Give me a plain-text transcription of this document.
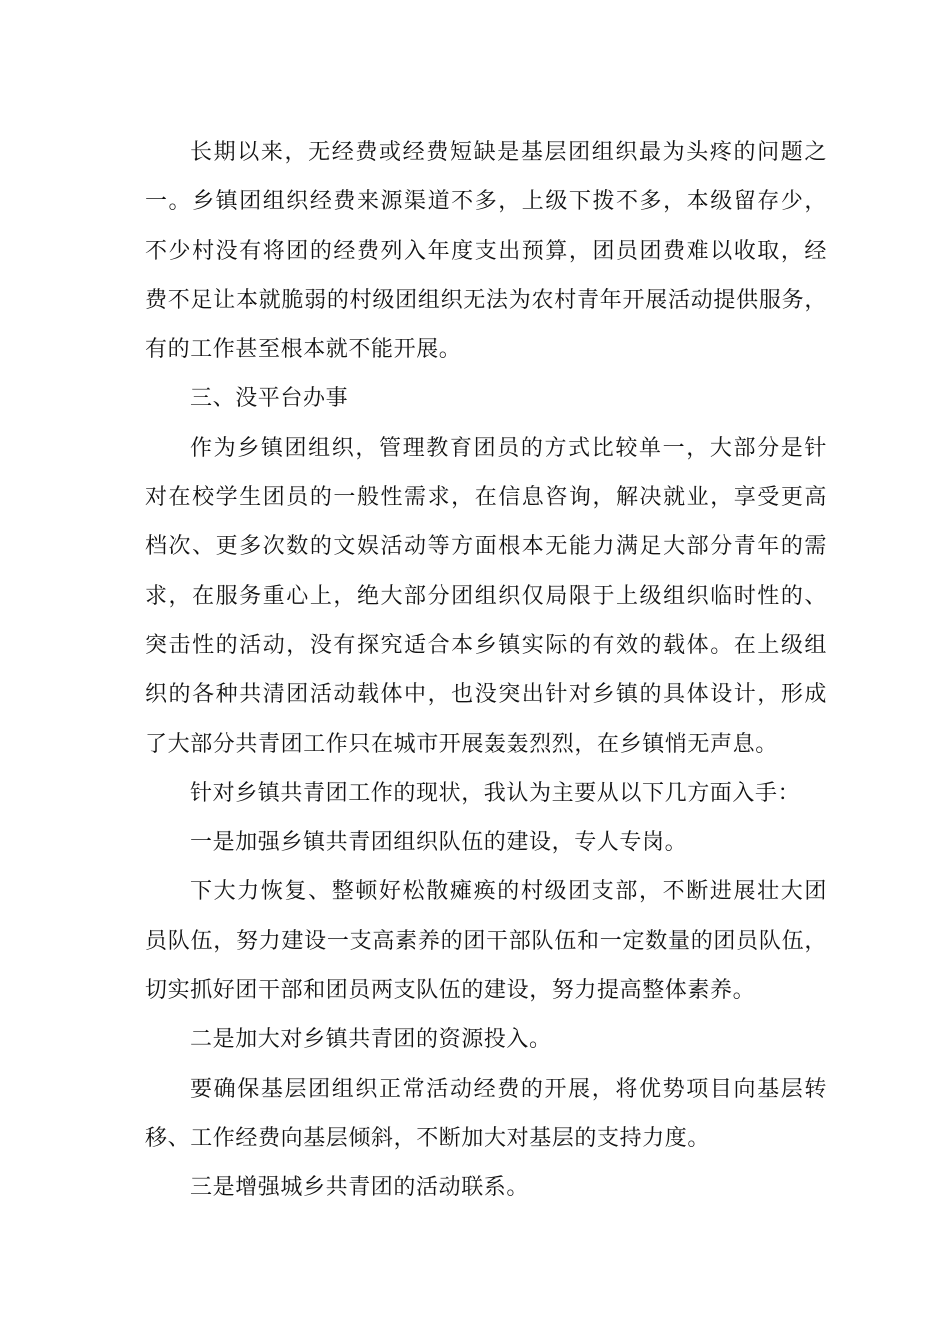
长期以来，无经费或经费短缺是基层团组织最为头疼的问题之
一。乡镇团组织经费来源渠道不多，上级下拨不多，本级留存少，
不少村没有将团的经费列入年度支出预算，团员团费难以收取，经
费不足让本就脆弱的村级团组织无法为农村青年开展活动提供服务，
有的工作甚至根本就不能开展。
三、没平台办事
作为乡镇团组织，管理教育团员的方式比较单一，大部分是针
对在校学生团员的一般性需求，在信息咨询，解决就业，享受更高
档次、更多次数的文娱活动等方面根本无能力满足大部分青年的需
求，在服务重心上，绝大部分团组织仅局限于上级组织临时性的、
突击性的活动，没有探究适合本乡镇实际的有效的载体。在上级组
织的各种共清团活动载体中，也没突出针对乡镇的具体设计，形成
了大部分共青团工作只在城市开展轰轰烈烈，在乡镇悄无声息。
针对乡镇共青团工作的现状，我认为主要从以下几方面入手：
一是加强乡镇共青团组织队伍的建设，专人专岗。
下大力恢复、整顿好松散瘫痪的村级团支部，不断进展壮大团
员队伍，努力建设一支高素养的团干部队伍和一定数量的团员队伍，
切实抓好团干部和团员两支队伍的建设，努力提高整体素养。
二是加大对乡镇共青团的资源投入。
要确保基层团组织正常活动经费的开展，将优势项目向基层转
移、工作经费向基层倾斜，不断加大对基层的支持力度。
三是增强城乡共青团的活动联系。
